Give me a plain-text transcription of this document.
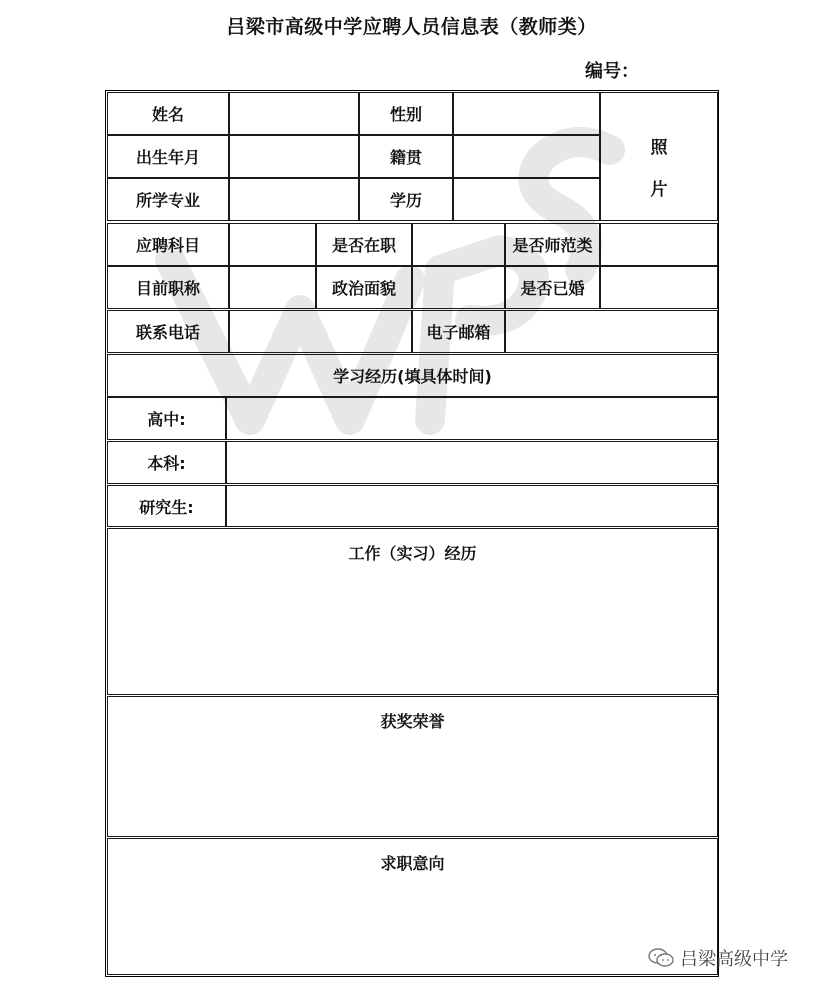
吕梁市高级中学应聘人员信息表（教师类）
编号：
姓名	性别
出生年月	籍贯
所学专业	学历
照
片
应聘科目	是否在职	是否师范类
目前职称	政治面貌	是否已婚
联系电话	电子邮箱
学习经历(填具体时间)
高中:
本科:
研究生:
工作（实习）经历
获奖荣誉
求职意向
吕梁高级中学
